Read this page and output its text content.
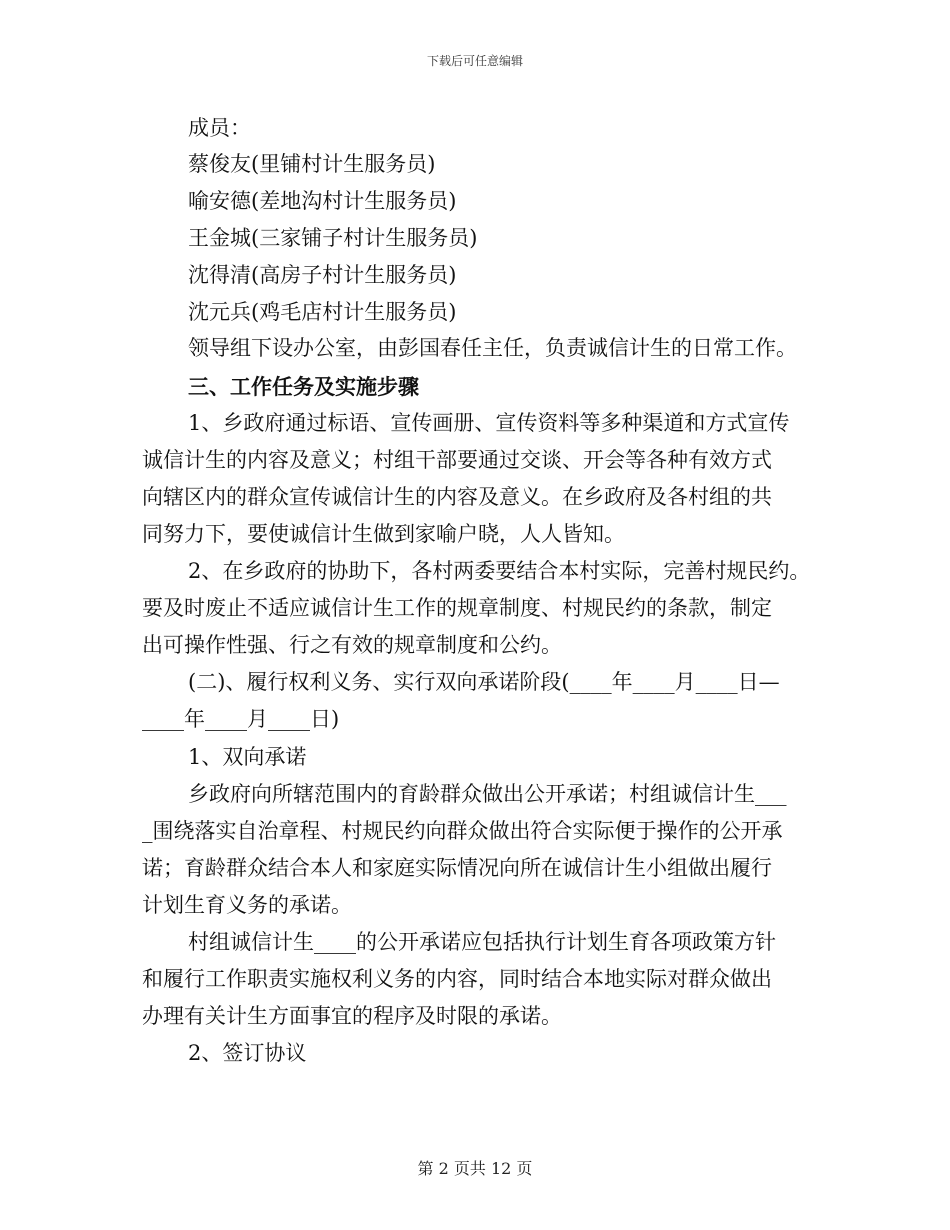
下载后可任意编辑
成员：
蔡俊友(里铺村计生服务员)
喻安德(差地沟村计生服务员)
王金城(三家铺子村计生服务员)
沈得清(高房子村计生服务员)
沈元兵(鸡毛店村计生服务员)
领导组下设办公室，由彭国春任主任，负责诚信计生的日常工作。
三、工作任务及实施步骤
1、乡政府通过标语、宣传画册、宣传资料等多种渠道和方式宣传
诚信计生的内容及意义；村组干部要通过交谈、开会等各种有效方式
向辖区内的群众宣传诚信计生的内容及意义。在乡政府及各村组的共
同努力下，要使诚信计生做到家喻户晓，人人皆知。
2、在乡政府的协助下，各村两委要结合本村实际，完善村规民约。
要及时废止不适应诚信计生工作的规章制度、村规民约的条款，制定
出可操作性强、行之有效的规章制度和公约。
(二)、履行权利义务、实行双向承诺阶段(____年____月____日—
____年____月____日)
1、双向承诺
乡政府向所辖范围内的育龄群众做出公开承诺；村组诚信计生___
_围绕落实自治章程、村规民约向群众做出符合实际便于操作的公开承
诺；育龄群众结合本人和家庭实际情况向所在诚信计生小组做出履行
计划生育义务的承诺。
村组诚信计生____的公开承诺应包括执行计划生育各项政策方针
和履行工作职责实施权利义务的内容，同时结合本地实际对群众做出
办理有关计生方面事宜的程序及时限的承诺。
2、签订协议
第 2 页共 12 页
